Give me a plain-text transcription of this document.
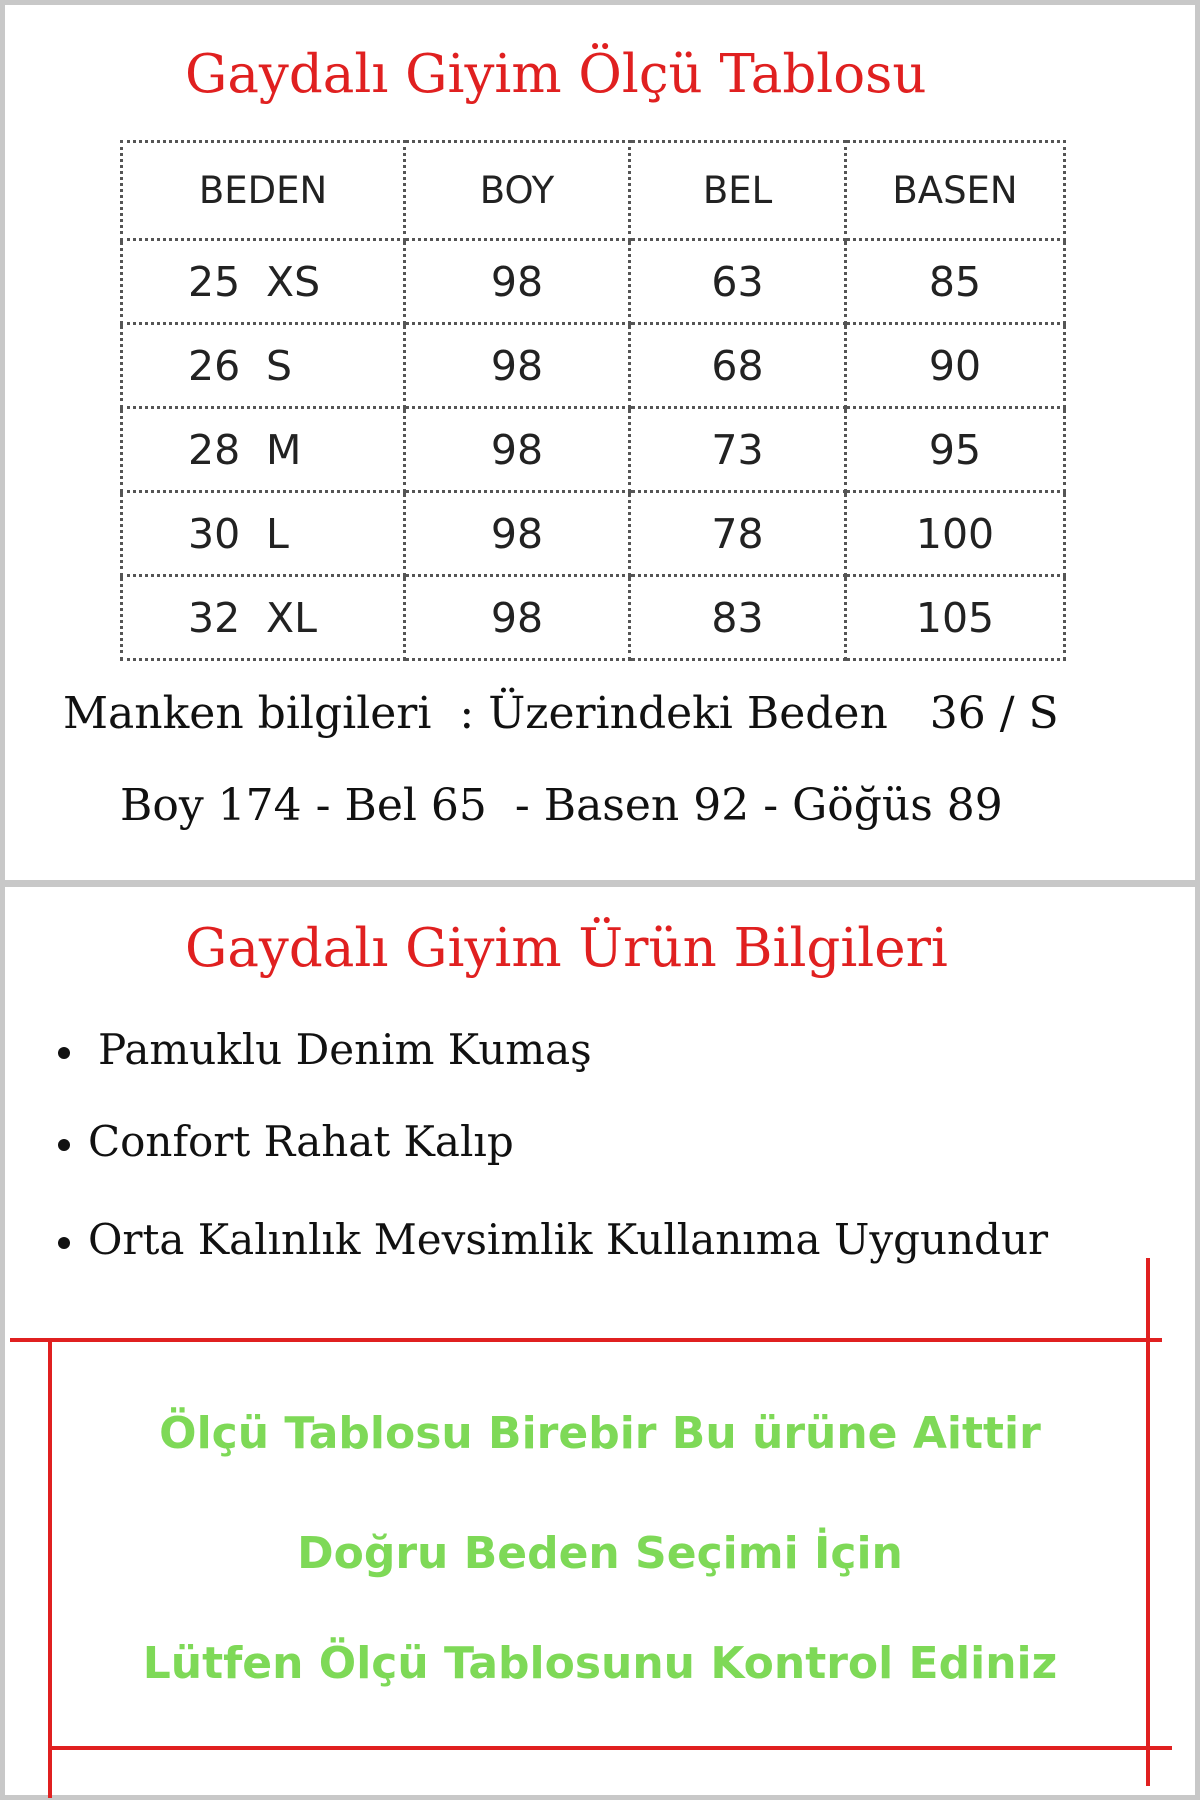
Gaydalı Giyim Ölçü Tablosu
BEDEN	BOY	BEL	BASEN
25 XS	98	63	85
26 S	98	68	90
28 M	98	73	95
30 L	98	78	100
32 XL	98	83	105
Manken bilgileri  : Üzerindeki Beden   36 / S
Boy 174 - Bel 65  - Basen 92 - Göğüs 89
Gaydalı Giyim Ürün Bilgileri
Pamuklu Denim Kumaş
Confort Rahat Kalıp
Orta Kalınlık Mevsimlik Kullanıma Uygundur
Ölçü Tablosu Birebir Bu ürüne Aittir
Doğru Beden Seçimi İçin
Lütfen Ölçü Tablosunu Kontrol Ediniz
